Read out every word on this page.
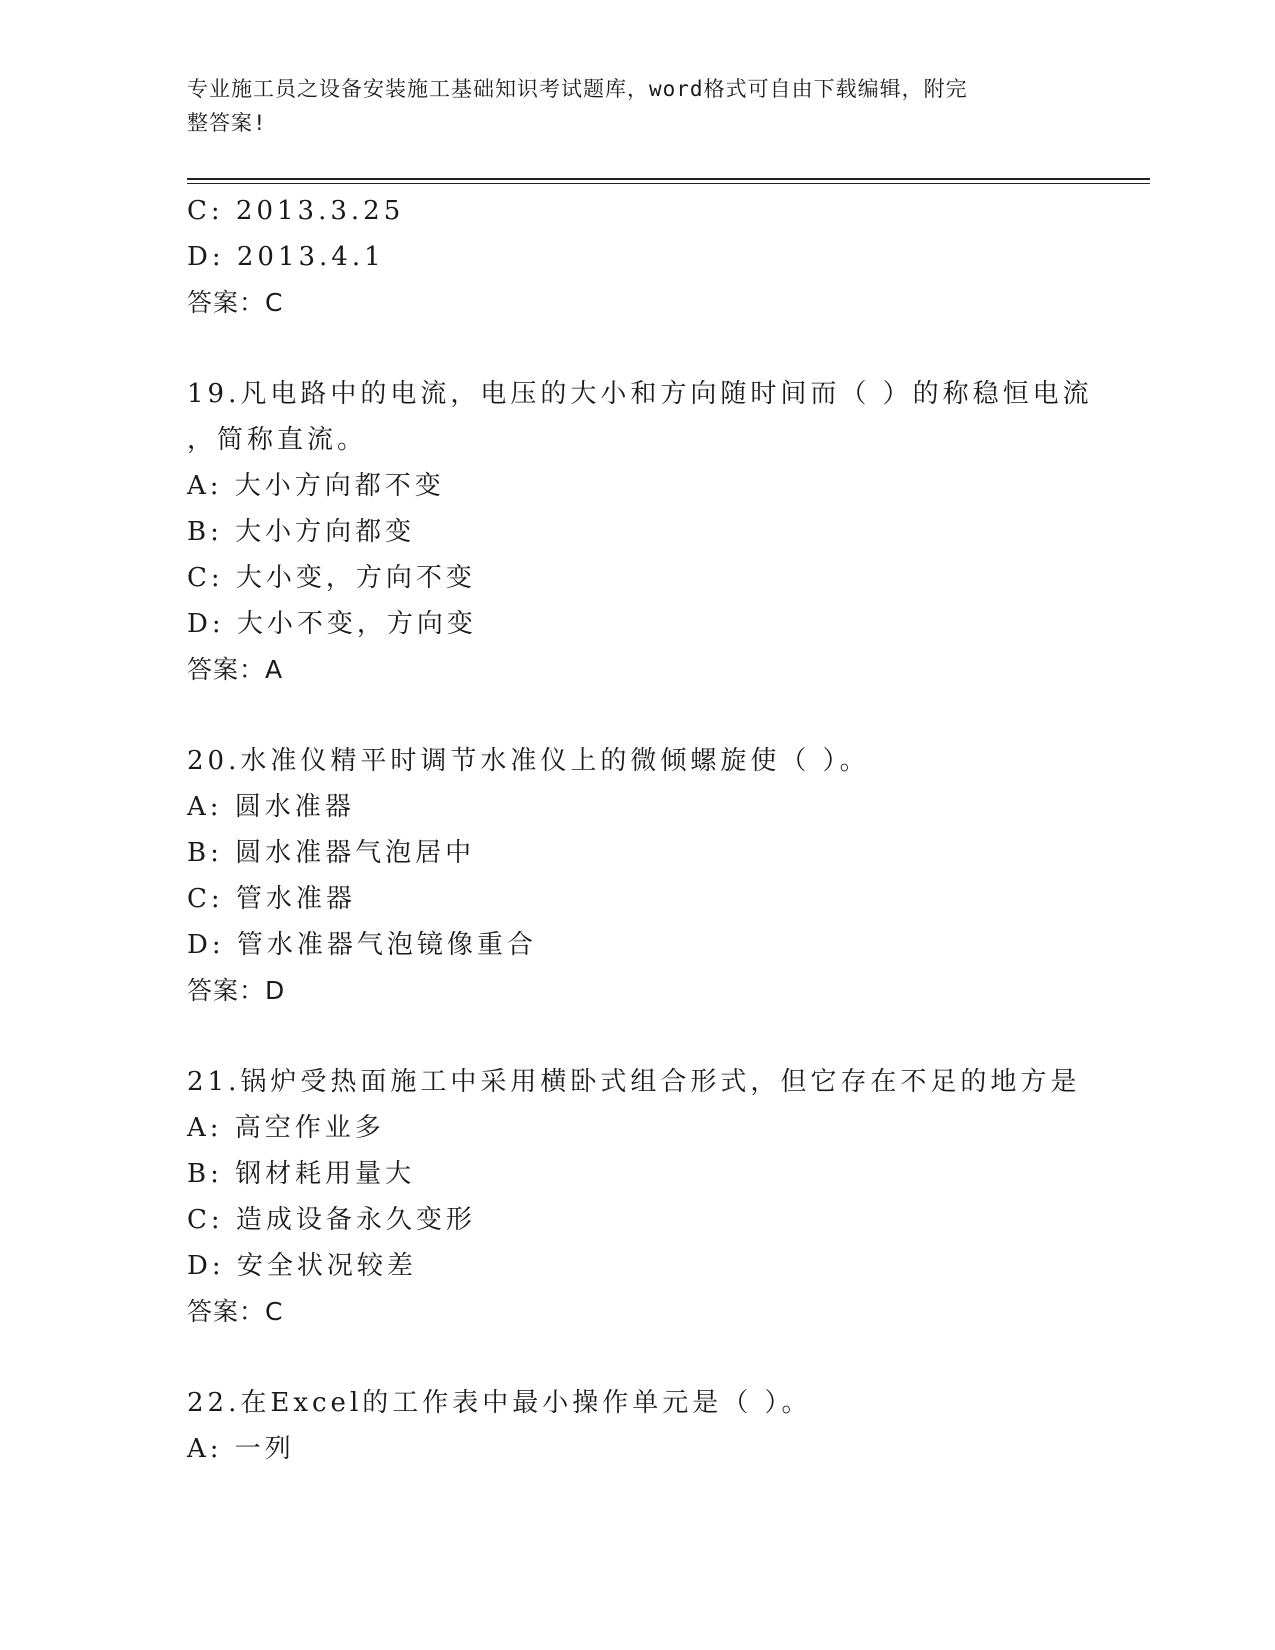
专业施工员之设备安装施工基础知识考试题库，word格式可自由下载编辑，附完
整答案!
C: 2013.3.25
D: 2013.4.1
答案：C
19.凡电路中的电流，电压的大小和方向随时间而（ ）的称稳恒电流
，简称直流。
A: 大小方向都不变
B: 大小方向都变
C: 大小变，方向不变
D: 大小不变，方向变
答案：A
20.水准仪精平时调节水准仪上的微倾螺旋使（ ）。
A: 圆水准器
B: 圆水准器气泡居中
C: 管水准器
D: 管水准器气泡镜像重合
答案：D
21.锅炉受热面施工中采用横卧式组合形式，但它存在不足的地方是
A: 高空作业多
B: 钢材耗用量大
C: 造成设备永久变形
D: 安全状况较差
答案：C
22.在Excel的工作表中最小操作单元是（ ）。
A: 一列
